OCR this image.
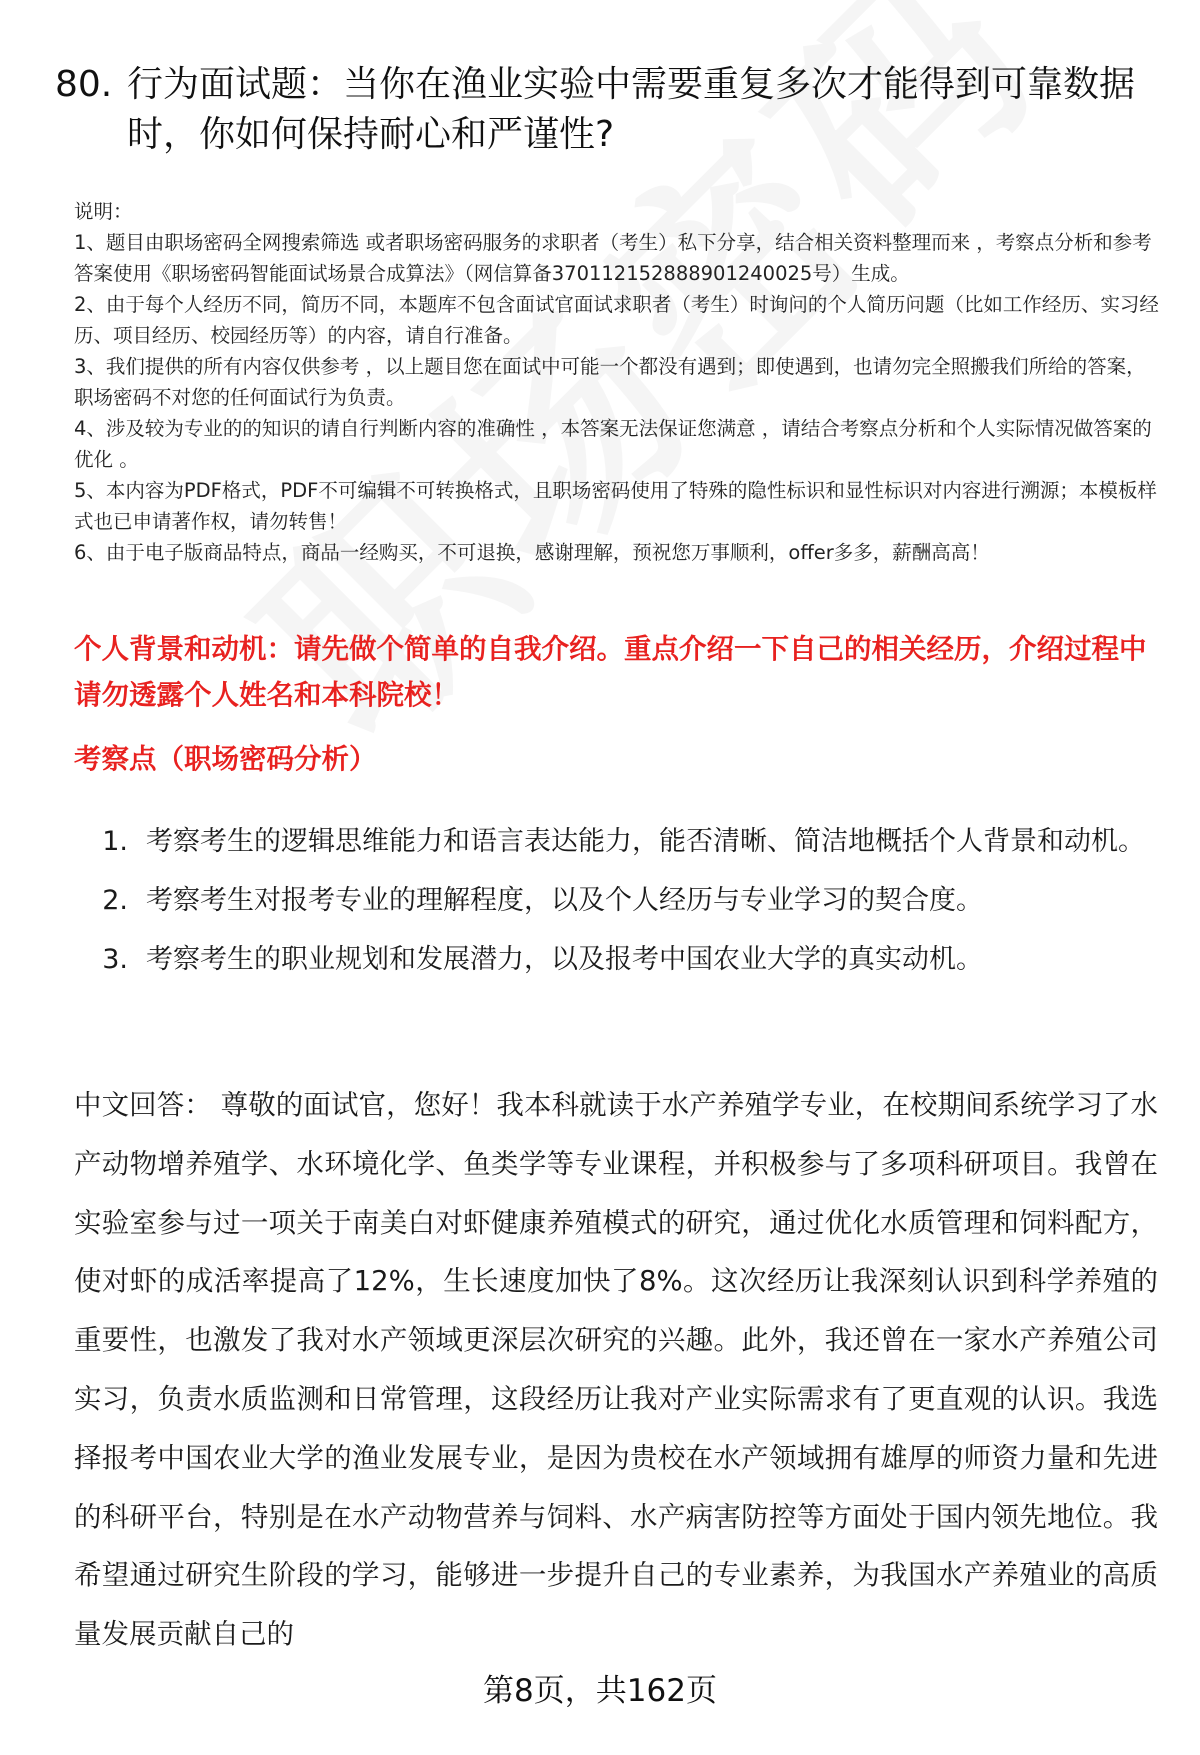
80. 行为面试题：当你在渔业实验中需要重复多次才能得到可靠数据时，你如何保持耐心和严谨性?

说明：

1、题目由职场密码全网搜索筛选 或者职场密码服务的求职者（考生）私下分享，结合相关资料整理而来 ，考察点分析和参考答案使用《职场密码智能面试场景合成算法》（网信算备370112152888901240025号）生成。

2、由于每个人经历不同，简历不同，本题库不包含面试官面试求职者（考生）时询问的个人简历问题（比如工作经历、实习经历、项目经历、校园经历等）的内容，请自行准备。

3、我们提供的所有内容仅供参考 ，以上题目您在面试中可能一个都没有遇到；即使遇到，也请勿完全照搬我们所给的答案，职场密码不对您的任何面试行为负责。

4、涉及较为专业的的知识的请自行判断内容的准确性 ，本答案无法保证您满意 ，请结合考察点分析和个人实际情况做答案的优化 。

5、本内容为PDF格式，PDF不可编辑不可转换格式，且职场密码使用了特殊的隐性标识和显性标识对内容进行溯源；本模板样式也已申请著作权，请勿转售！

6、由于电子版商品特点，商品一经购买，不可退换，感谢理解，预祝您万事顺利，offer多多，薪酬高高！

个人背景和动机：请先做个简单的自我介绍。重点介绍一下自己的相关经历，介绍过程中请勿透露个人姓名和本科院校！
考察点（职场密码分析）
1. 考察考生的逻辑思维能力和语言表达能力，能否清晰、简洁地概括个人背景和动机。
2. 考察考生对报考专业的理解程度，以及个人经历与专业学习的契合度。
3. 考察考生的职业规划和发展潜力，以及报考中国农业大学的真实动机。
中文回答： 尊敬的面试官，您好！我本科就读于水产养殖学专业，在校期间系统学习了水产动物增养殖学、水环境化学、鱼类学等专业课程，并积极参与了多项科研项目。我曾在实验室参与过一项关于南美白对虾健康养殖模式的研究，通过优化水质管理和饲料配方，使对虾的成活率提高了12%，生长速度加快了8%。这次经历让我深刻认识到科学养殖的重要性，也激发了我对水产领域更深层次研究的兴趣。此外，我还曾在一家水产养殖公司实习，负责水质监测和日常管理，这段经历让我对产业实际需求有了更直观的认识。我选择报考中国农业大学的渔业发展专业，是因为贵校在水产领域拥有雄厚的师资力量和先进的科研平台，特别是在水产动物营养与饲料、水产病害防控等方面处于国内领先地位。我希望通过研究生阶段的学习，能够进一步提升自己的专业素养，为我国水产养殖业的高质量发展贡献自己的
第8页，共162页
